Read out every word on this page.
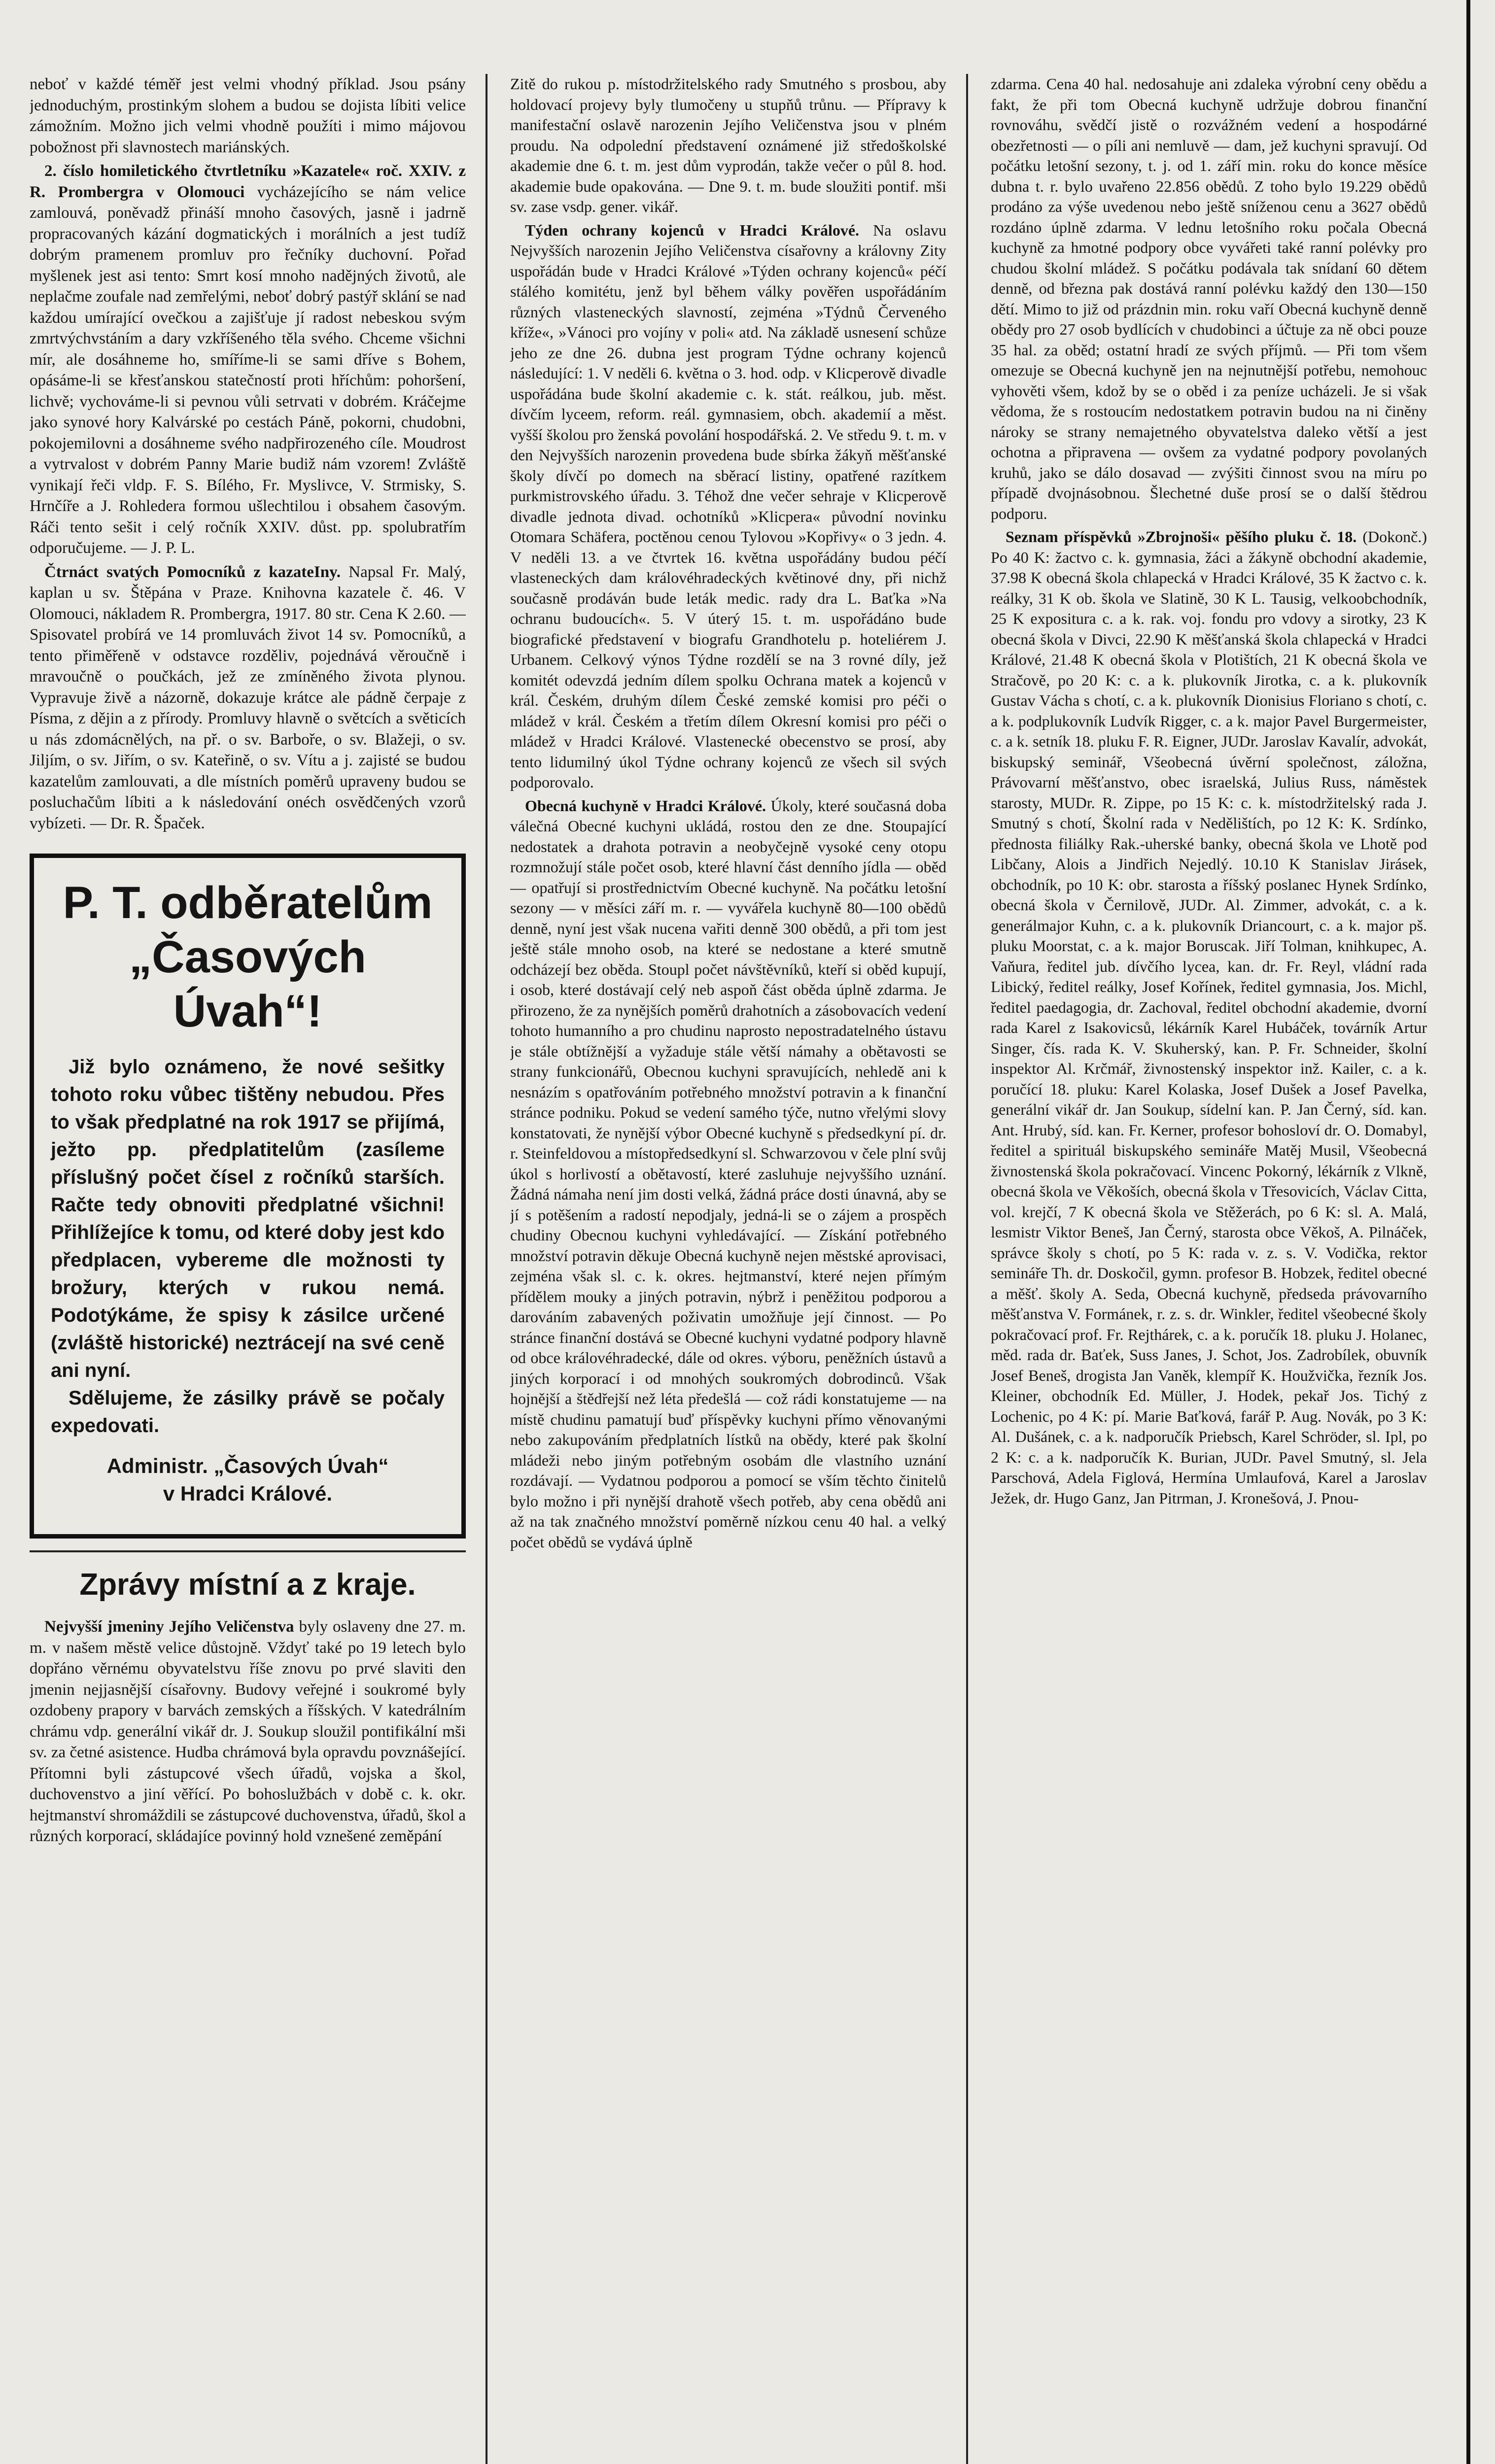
neboť v každé téměř jest velmi vhodný příklad. Jsou psány jednoduchým, prostinkým slohem a budou se dojista líbiti velice zámožním. Možno jich velmi vhodně použíti i mimo májovou pobožnost při slavnostech mariánských.

2. číslo homiletického čtvrtletníku »Kazatele« roč. XXIV. z R. Prombergra v Olomouci vycházejícího se nám velice zamlouvá, poněvadž přináší mnoho časových, jasně i jadrně propracovaných kázání dogmatických i morálních a jest tudíž dobrým pramenem promluv pro řečníky duchovní. Pořad myšlenek jest asi tento: Smrt kosí mnoho nadějných životů, ale neplačme zoufale nad zemřelými, neboť dobrý pastýř sklání se nad každou umírající ovečkou a zajišťuje jí radost nebeskou svým zmrtvýchvstáním a dary vzkříšeného těla svého. Chceme všichni mír, ale dosáhneme ho, smíříme-li se sami dříve s Bohem, opásáme-li se křesťanskou statečností proti hříchům: pohoršení, lichvě; vychováme-li si pevnou vůli setrvati v dobrém. Kráčejme jako synové hory Kalvárské po cestách Páně, pokorni, chudobni, pokojemilovni a dosáhneme svého nadpřirozeného cíle. Moudrost a vytrvalost v dobrém Panny Marie budiž nám vzorem! Zvláště vynikají řeči vldp. F. S. Bílého, Fr. Myslivce, V. Strmisky, S. Hrnčíře a J. Rohledera formou ušlechtilou i obsahem časovým. Ráči tento sešit i celý ročník XXIV. důst. pp. spolubratřím odporučujeme. — J. P. L.

Čtrnáct svatých Pomocníků z kazateIny. Napsal Fr. Malý, kaplan u sv. Štěpána v Praze. Knihovna kazatele č. 46. V Olomouci, nákladem R. Prombergra, 1917. 80 str. Cena K 2.60. — Spisovatel probírá ve 14 promluvách život 14 sv. Pomocníků, a tento přiměřeně v odstavce rozděliv, pojednává věroučně i mravoučně o poučkách, jež ze zmíněného života plynou. Vypravuje živě a názorně, dokazuje krátce ale pádně čerpaje z Písma, z dějin a z přírody. Promluvy hlavně o světcích a světicích u nás zdomácnělých, na př. o sv. Barboře, o sv. Blažeji, o sv. Jiljím, o sv. Jiřím, o sv. Kateřině, o sv. Vítu a j. zajisté se budou kazatelům zamlouvati, a dle místních poměrů upraveny budou se posluchačům líbiti a k následování onéch osvědčených vzorů vybízeti. — Dr. R. Špaček.

P. T. odběratelům

„Časových Úvah“!

Již bylo oznámeno, že nové sešitky tohoto roku vůbec tištěny nebudou. Přes to však předplatné na rok 1917 se přijímá, ježto pp. předplatitelům (zasíleme příslušný počet čísel z ročníků starších. Račte tedy obnoviti předplatné všichni! Přihlížejíce k tomu, od které doby jest kdo předplacen, vybereme dle možnosti ty brožury, kterých v rukou nemá. Podotýkáme, že spisy k zásilce určené (zvláště historické) neztrácejí na své ceně ani nyní.

Sdělujeme, že zásilky právě se počaly expedovati.

Administr. „Časových Úvah“
v Hradci Králové.

Zprávy místní a z kraje.

Nejvyšší jmeniny Jejího Veličenstva byly oslaveny dne 27. m. m. v našem městě velice důstojně. Vždyť také po 19 letech bylo dopřáno věrnému obyvatelstvu říše znovu po prvé slaviti den jmenin nejjasnější císařovny. Budovy veřejné i soukromé byly ozdobeny prapory v barvách zemských a říšských. V katedrálním chrámu vdp. generální vikář dr. J. Soukup sloužil pontifikální mši sv. za četné asistence. Hudba chrámová byla opravdu povznášející. Přítomni byli zástupcové všech úřadů, vojska a škol, duchovenstvo a jiní věřící. Po bohoslužbách v době c. k. okr. hejtmanství shromáždili se zástupcové duchovenstva, úřadů, škol a různých korporací, skládajíce povinný hold vznešené zeměpání

Zitě do rukou p. místodržitelského rady Smutného s prosbou, aby holdovací projevy byly tlumočeny u stupňů trůnu. — Přípravy k manifestační oslavě narozenin Jejího Veličenstva jsou v plném proudu. Na odpolední představení oznámené již středoškolské akademie dne 6. t. m. jest dům vyprodán, takže večer o půl 8. hod. akademie bude opakována. — Dne 9. t. m. bude sloužiti pontif. mši sv. zase vsdp. gener. vikář.

Týden ochrany kojenců v Hradci Králové. Na oslavu Nejvyšších narozenin Jejího Veličenstva císařovny a královny Zity uspořádán bude v Hradci Králové »Týden ochrany kojenců« péčí stálého komitétu, jenž byl během války pověřen uspořádáním různých vlasteneckých slavností, zejména »Týdnů Červeného kříže«, »Vánoci pro vojíny v poli« atd. Na základě usnesení schůze jeho ze dne 26. dubna jest program Týdne ochrany kojenců následující: 1. V neděli 6. května o 3. hod. odp. v Klicperově divadle uspořádána bude školní akademie c. k. stát. reálkou, jub. měst. dívčím lyceem, reform. reál. gymnasiem, obch. akademií a měst. vyšší školou pro ženská povolání hospodářská. 2. Ve středu 9. t. m. v den Nejvyšších narozenin provedena bude sbírka žákyň měšťanské školy dívčí po domech na sběrací listiny, opatřené razítkem purkmistrovského úřadu. 3. Téhož dne večer sehraje v Klicperově divadle jednota divad. ochotníků »Klicpera« původní novinku Otomara Schäfera, poctěnou cenou Tylovou »Kopřivy« o 3 jedn. 4. V neděli 13. a ve čtvrtek 16. května uspořádány budou péčí vlasteneckých dam královéhradeckých květinové dny, při nichž současně prodáván bude leták medic. rady dra L. Baťka »Na ochranu budoucích«. 5. V úterý 15. t. m. uspořádáno bude biografické představení v biografu Grandhotelu p. hoteliérem J. Urbanem. Celkový výnos Týdne rozdělí se na 3 rovné díly, jež komitét odevzdá jedním dílem spolku Ochrana matek a kojenců v král. Českém, druhým dílem České zemské komisi pro péči o mládež v král. Českém a třetím dílem Okresní komisi pro péči o mládež v Hradci Králové. Vlastenecké obecenstvo se prosí, aby tento lidumilný úkol Týdne ochrany kojenců ze všech sil svých podporovalo.

Obecná kuchyně v Hradci Králové. Úkoly, které současná doba válečná Obecné kuchyni ukládá, rostou den ze dne. Stoupající nedostatek a drahota potravin a neobyčejně vysoké ceny otopu rozmnožují stále počet osob, které hlavní část denního jídla — oběd — opatřují si prostřednictvím Obecné kuchyně. Na počátku letošní sezony — v měsíci září m. r. — vyvářela kuchyně 80—100 obědů denně, nyní jest však nucena vařiti denně 300 obědů, a při tom jest ještě stále mnoho osob, na které se nedostane a které smutně odcházejí bez oběda. Stoupl počet návštěvníků, kteří si oběd kupují, i osob, které dostávají celý neb aspoň část oběda úplně zdarma. Je přirozeno, že za nynějších poměrů drahotních a zásobovacích vedení tohoto humanního a pro chudinu naprosto nepostradatelného ústavu je stále obtížnější a vyžaduje stále větší námahy a obětavosti se strany funkcionářů, Obecnou kuchyni spravujících, nehledě ani k nesnázím s opatřováním potřebného množství potravin a k finanční stránce podniku. Pokud se vedení samého týče, nutno vřelými slovy konstatovati, že nynější výbor Obecné kuchyně s předsedkyní pí. dr. r. Steinfeldovou a místopředsedkyní sl. Schwarzovou v čele plní svůj úkol s horlivostí a obětavostí, které zasluhuje nejvyššího uznání. Žádná námaha není jim dosti velká, žádná práce dosti únavná, aby se jí s potěšením a radostí nepodjaly, jedná-li se o zájem a prospěch chudiny Obecnou kuchyni vyhledávající. — Získání potřebného množství potravin děkuje Obecná kuchyně nejen městské aprovisaci, zejména však sl. c. k. okres. hejtmanství, které nejen přímým přídělem mouky a jiných potravin, nýbrž i peněžitou podporou a darováním zabavených poživatin umožňuje její činnost. — Po stránce finanční dostává se Obecné kuchyni vydatné podpory hlavně od obce královéhradecké, dále od okres. výboru, peněžních ústavů a jiných korporací i od mnohých soukromých dobrodinců. Však hojnější a štědřejší než léta předešlá — což rádi konstatujeme — na místě chudinu pamatují buď příspěvky kuchyni přímo věnovanými nebo zakupováním předplatních lístků na obědy, které pak školní mládeži nebo jiným potřebným osobám dle vlastního uznání rozdávají. — Vydatnou podporou a pomocí se vším těchto činitelů bylo možno i při nynější drahotě všech potřeb, aby cena obědů ani až na tak značného množství poměrně nízkou cenu 40 hal. a velký počet obědů se vydává úplně

zdarma. Cena 40 hal. nedosahuje ani zdaleka výrobní ceny obědu a fakt, že při tom Obecná kuchyně udržuje dobrou finanční rovnováhu, svědčí jistě o rozvážném vedení a hospodárné obezřetnosti — o píli ani nemluvě — dam, jež kuchyni spravují. Od počátku letošní sezony, t. j. od 1. září min. roku do konce měsíce dubna t. r. bylo uvařeno 22.856 obědů. Z toho bylo 19.229 obědů prodáno za výše uvedenou nebo ještě sníženou cenu a 3627 obědů rozdáno úplně zdarma. V lednu letošního roku počala Obecná kuchyně za hmotné podpory obce vyvářeti také ranní polévky pro chudou školní mládež. S počátku podávala tak snídaní 60 dětem denně, od března pak dostává ranní polévku každý den 130—150 dětí. Mimo to již od prázdnin min. roku vaří Obecná kuchyně denně obědy pro 27 osob bydlících v chudobinci a účtuje za ně obci pouze 35 hal. za oběd; ostatní hradí ze svých příjmů. — Při tom všem omezuje se Obecná kuchyně jen na nejnutnější potřebu, nemohouc vyhověti všem, kdož by se o oběd i za peníze ucházeli. Je si však vědoma, že s rostoucím nedostatkem potravin budou na ni činěny nároky se strany nemajetného obyvatelstva daleko větší a jest ochotna a připravena — ovšem za vydatné podpory povolaných kruhů, jako se dálo dosavad — zvýšiti činnost svou na míru po případě dvojnásobnou. Šlechetné duše prosí se o další štědrou podporu.

Seznam příspěvků »Zbrojnoši« pěšího pluku č. 18. (Dokonč.) Po 40 K: žactvo c. k. gymnasia, žáci a žákyně obchodní akademie, 37.98 K obecná škola chlapecká v Hradci Králové, 35 K žactvo c. k. reálky, 31 K ob. škola ve Slatině, 30 K L. Tausig, velkoobchodník, 25 K expositura c. a k. rak. voj. fondu pro vdovy a sirotky, 23 K obecná škola v Divci, 22.90 K měšťanská škola chlapecká v Hradci Králové, 21.48 K obecná škola v Plotištích, 21 K obecná škola ve Stračově, po 20 K: c. a k. plukovník Jirotka, c. a k. plukovník Gustav Vácha s chotí, c. a k. plukovník Dionisius Floriano s chotí, c. a k. podplukovník Ludvík Rigger, c. a k. major Pavel Burgermeister, c. a k. setník 18. pluku F. R. Eigner, JUDr. Jaroslav Kavalír, advokát, biskupský seminář, Všeobecná úvěrní společnost, záložna, Právovarní měšťanstvo, obec israelská, Julius Russ, náměstek starosty, MUDr. R. Zippe, po 15 K: c. k. místodržitelský rada J. Smutný s chotí, Školní rada v Nedělištích, po 12 K: K. Srdínko, přednosta filiálky Rak.-uherské banky, obecná škola ve Lhotě pod Libčany, Alois a Jindřich Nejedlý. 10.10 K Stanislav Jirásek, obchodník, po 10 K: obr. starosta a říšský poslanec Hynek Srdínko, obecná škola v Černilově, JUDr. Al. Zimmer, advokát, c. a k. generálmajor Kuhn, c. a k. plukovník Driancourt, c. a k. major pš. pluku Moorstat, c. a k. major Boruscak. Jiří Tolman, knihkupec, A. Vaňura, ředitel jub. dívčího lycea, kan. dr. Fr. Reyl, vládní rada Libický, ředitel reálky, Josef Kořínek, ředitel gymnasia, Jos. Michl, ředitel paedagogia, dr. Zachoval, ředitel obchodní akademie, dvorní rada Karel z Isakovicsů, lékárník Karel Hubáček, továrník Artur Singer, čís. rada K. V. Skuherský, kan. P. Fr. Schneider, školní inspektor Al. Krčmář, živnostenský inspektor inž. Kailer, c. a k. poručící 18. pluku: Karel Kolaska, Josef Dušek a Josef Pavelka, generální vikář dr. Jan Soukup, sídelní kan. P. Jan Černý, síd. kan. Ant. Hrubý, síd. kan. Fr. Kerner, profesor bohosloví dr. O. Domabyl, ředitel a spirituál biskupského semináře Matěj Musil, Všeobecná živnostenská škola pokračovací. Vincenc Pokorný, lékárník z Vlkně, obecná škola ve Věkoších, obecná škola v Třesovicích, Václav Citta, vol. krejčí, 7 K obecná škola ve Stěžerách, po 6 K: sl. A. Malá, lesmistr Viktor Beneš, Jan Černý, starosta obce Věkoš, A. Pilnáček, správce školy s chotí, po 5 K: rada v. z. s. V. Vodička, rektor semináře Th. dr. Doskočil, gymn. profesor B. Hobzek, ředitel obecné a měšť. školy A. Seda, Obecná kuchyně, předseda právovarního měšťanstva V. Formánek, r. z. s. dr. Winkler, ředitel všeobecné školy pokračovací prof. Fr. Rejthárek, c. a k. poručík 18. pluku J. Holanec, měd. rada dr. Baťek, Suss Janes, J. Schot, Jos. Zadrobílek, obuvník Josef Beneš, drogista Jan Vaněk, klempíř K. Houžvička, řezník Jos. Kleiner, obchodník Ed. Müller, J. Hodek, pekař Jos. Tichý z Lochenic, po 4 K: pí. Marie Baťková, farář P. Aug. Novák, po 3 K: Al. Dušánek, c. a k. nadporučík Priebsch, Karel Schröder, sl. Ipl, po 2 K: c. a k. nadporučík K. Burian, JUDr. Pavel Smutný, sl. Jela Parschová, Adela Figlová, Hermína Umlaufová, Karel a Jaroslav Ježek, dr. Hugo Ganz, Jan Pitrman, J. Kronešová, J. Pnou-
